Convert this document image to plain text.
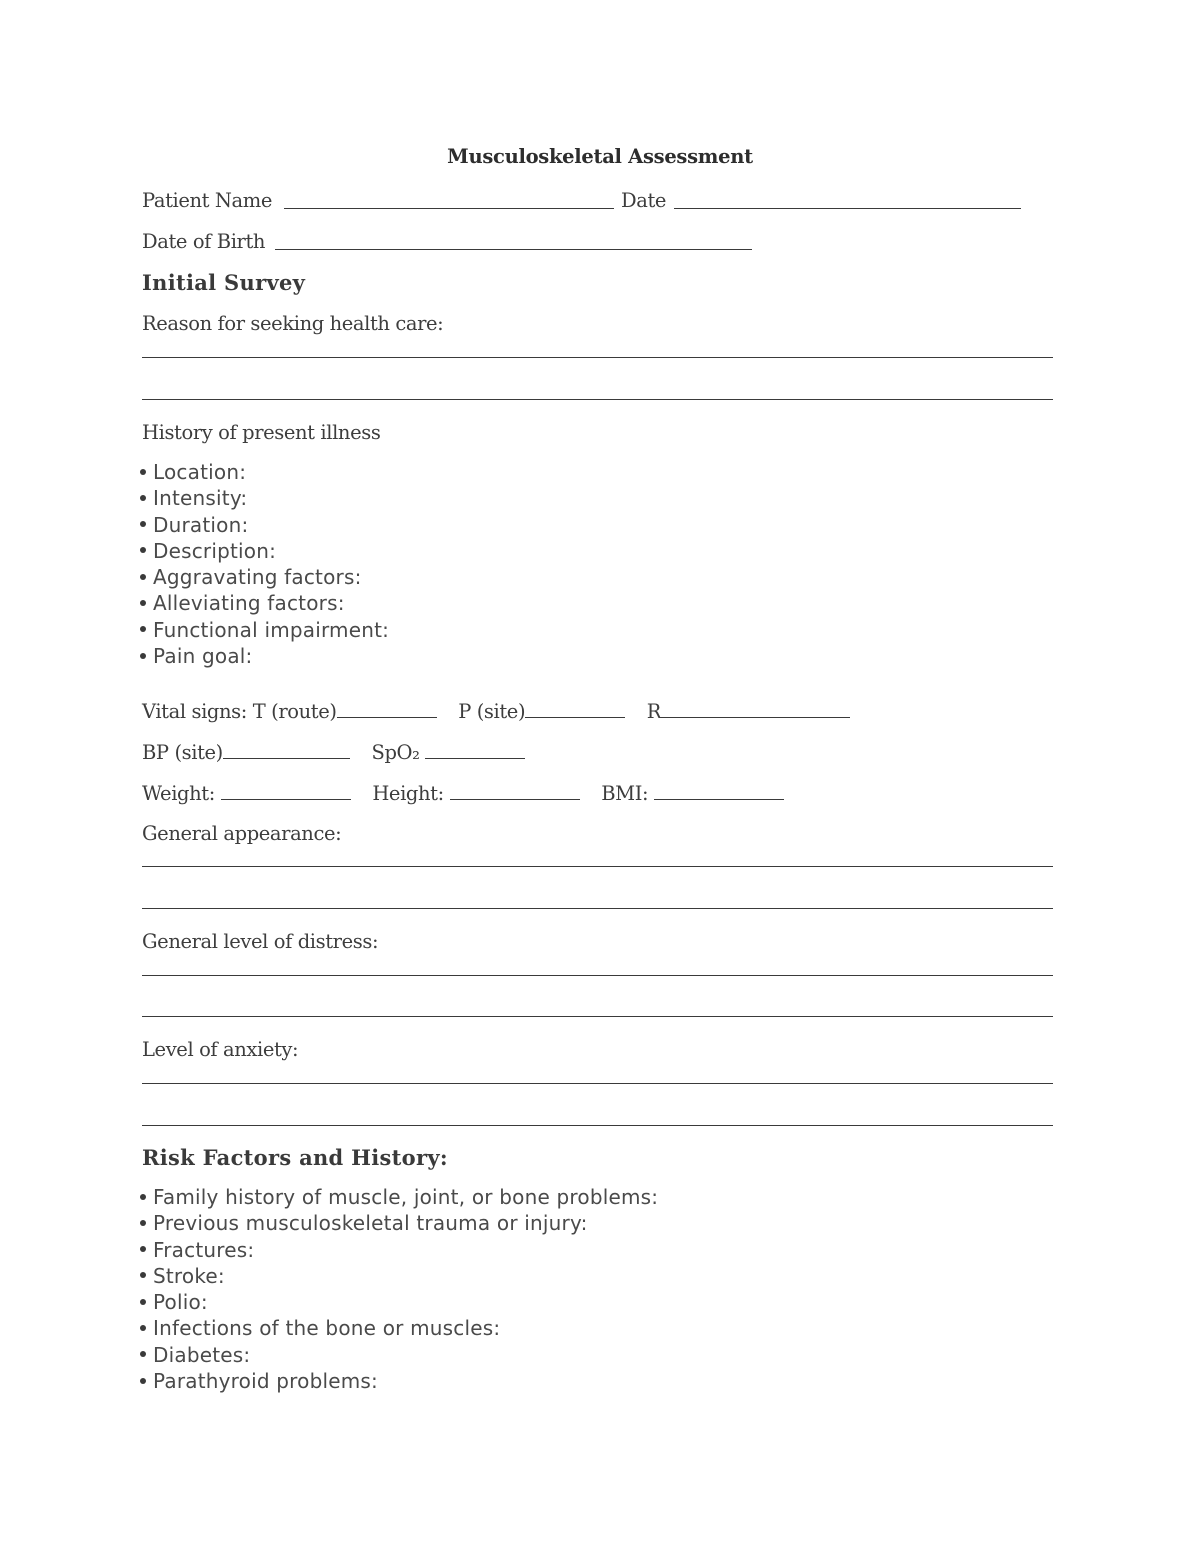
Musculoskeletal Assessment
Patient Name	Date
Date of Birth
Initial Survey
Reason for seeking health care:
History of present illness
Location:
Intensity:
Duration:
Description:
Aggravating factors:
Alleviating factors:
Functional impairment:
Pain goal:
Vital signs: T (route)	P (site)	R
BP (site)	SpO₂
Weight:	Height:	BMI:
General appearance:
General level of distress:
Level of anxiety:
Risk Factors and History:
Family history of muscle, joint, or bone problems:
Previous musculoskeletal trauma or injury:
Fractures:
Stroke:
Polio:
Infections of the bone or muscles:
Diabetes:
Parathyroid problems:
